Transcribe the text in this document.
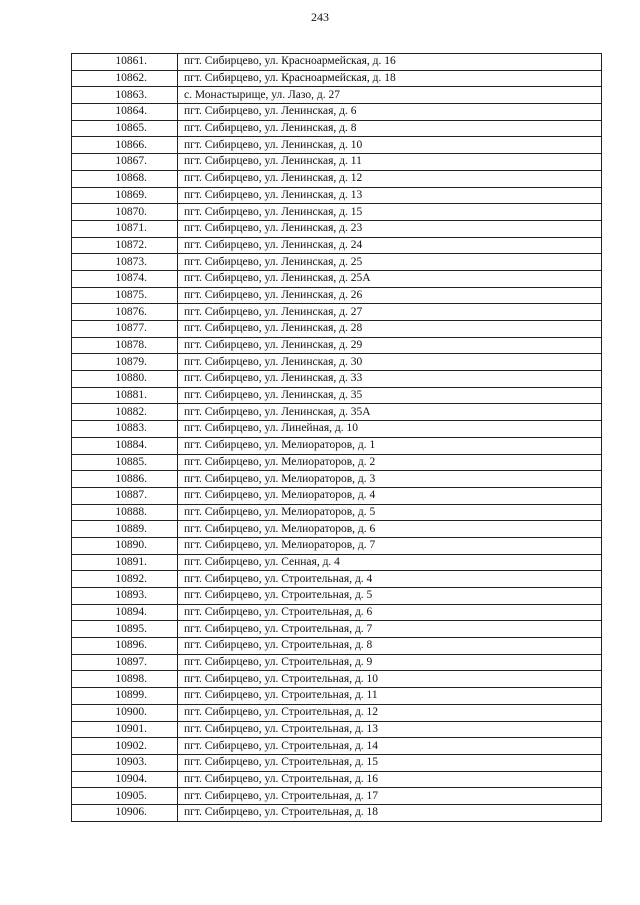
243
10861.	пгт. Сибирцево, ул. Красноармейская, д. 16
10862.	пгт. Сибирцево, ул. Красноармейская, д. 18
10863.	с. Монастырище, ул. Лазо, д. 27
10864.	пгт. Сибирцево, ул. Ленинская, д. 6
10865.	пгт. Сибирцево, ул. Ленинская, д. 8
10866.	пгт. Сибирцево, ул. Ленинская, д. 10
10867.	пгт. Сибирцево, ул. Ленинская, д. 11
10868.	пгт. Сибирцево, ул. Ленинская, д. 12
10869.	пгт. Сибирцево, ул. Ленинская, д. 13
10870.	пгт. Сибирцево, ул. Ленинская, д. 15
10871.	пгт. Сибирцево, ул. Ленинская, д. 23
10872.	пгт. Сибирцево, ул. Ленинская, д. 24
10873.	пгт. Сибирцево, ул. Ленинская, д. 25
10874.	пгт. Сибирцево, ул. Ленинская, д. 25А
10875.	пгт. Сибирцево, ул. Ленинская, д. 26
10876.	пгт. Сибирцево, ул. Ленинская, д. 27
10877.	пгт. Сибирцево, ул. Ленинская, д. 28
10878.	пгт. Сибирцево, ул. Ленинская, д. 29
10879.	пгт. Сибирцево, ул. Ленинская, д. 30
10880.	пгт. Сибирцево, ул. Ленинская, д. 33
10881.	пгт. Сибирцево, ул. Ленинская, д. 35
10882.	пгт. Сибирцево, ул. Ленинская, д. 35А
10883.	пгт. Сибирцево, ул. Линейная, д. 10
10884.	пгт. Сибирцево, ул. Мелиораторов, д. 1
10885.	пгт. Сибирцево, ул. Мелиораторов, д. 2
10886.	пгт. Сибирцево, ул. Мелиораторов, д. 3
10887.	пгт. Сибирцево, ул. Мелиораторов, д. 4
10888.	пгт. Сибирцево, ул. Мелиораторов, д. 5
10889.	пгт. Сибирцево, ул. Мелиораторов, д. 6
10890.	пгт. Сибирцево, ул. Мелиораторов, д. 7
10891.	пгт. Сибирцево, ул. Сенная, д. 4
10892.	пгт. Сибирцево, ул. Строительная, д. 4
10893.	пгт. Сибирцево, ул. Строительная, д. 5
10894.	пгт. Сибирцево, ул. Строительная, д. 6
10895.	пгт. Сибирцево, ул. Строительная, д. 7
10896.	пгт. Сибирцево, ул. Строительная, д. 8
10897.	пгт. Сибирцево, ул. Строительная, д. 9
10898.	пгт. Сибирцево, ул. Строительная, д. 10
10899.	пгт. Сибирцево, ул. Строительная, д. 11
10900.	пгт. Сибирцево, ул. Строительная, д. 12
10901.	пгт. Сибирцево, ул. Строительная, д. 13
10902.	пгт. Сибирцево, ул. Строительная, д. 14
10903.	пгт. Сибирцево, ул. Строительная, д. 15
10904.	пгт. Сибирцево, ул. Строительная, д. 16
10905.	пгт. Сибирцево, ул. Строительная, д. 17
10906.	пгт. Сибирцево, ул. Строительная, д. 18
